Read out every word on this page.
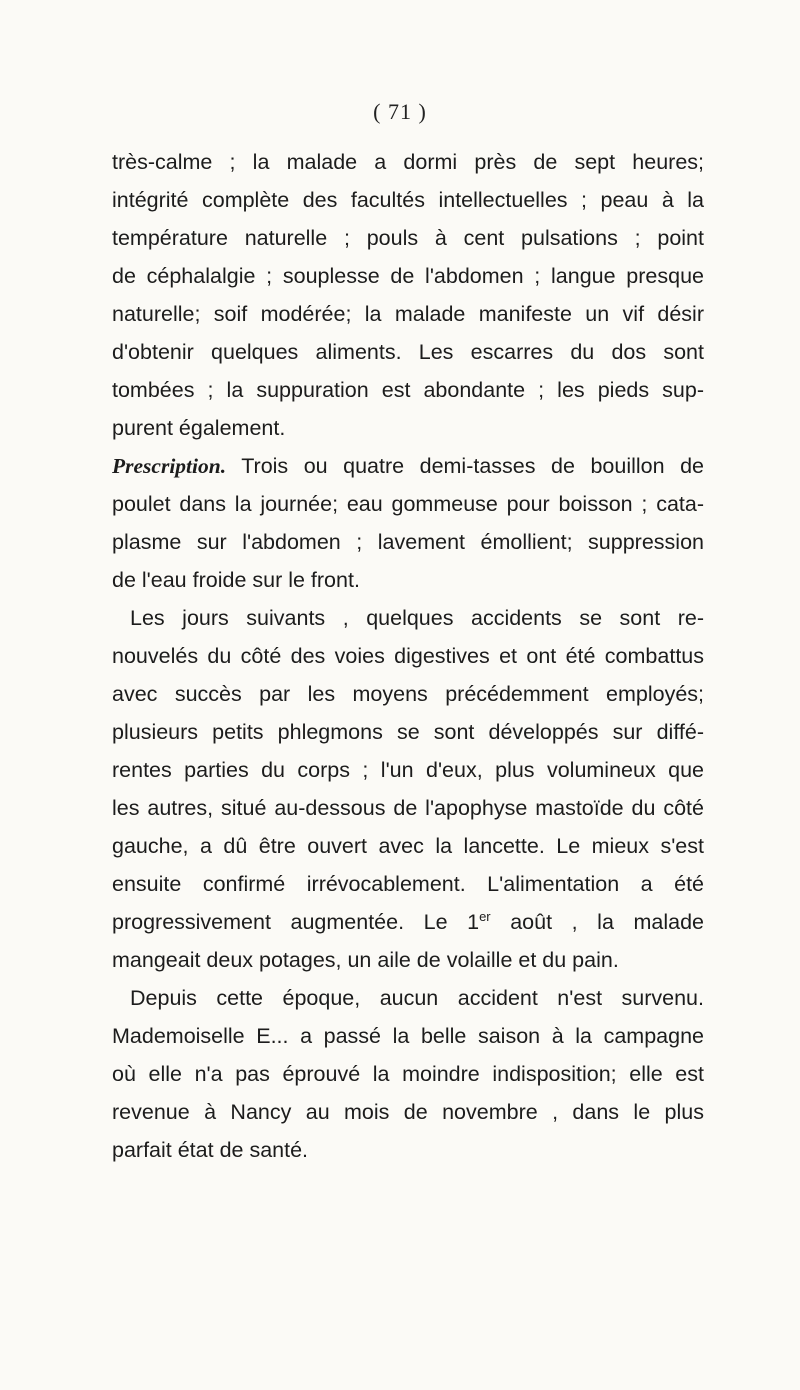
( 71 )
très-calme ; la malade a dormi près de sept heures;
intégrité complète des facultés intellectuelles ; peau à la
température naturelle ; pouls à cent pulsations ; point
de céphalalgie ; souplesse de l'abdomen ; langue presque
naturelle; soif modérée; la malade manifeste un vif désir
d'obtenir quelques aliments. Les escarres du dos sont
tombées ; la suppuration est abondante ; les pieds sup-
purent également.
Prescription. Trois ou quatre demi-tasses de bouillon de
poulet dans la journée; eau gommeuse pour boisson ; cata-
plasme sur l'abdomen ; lavement émollient; suppression
de l'eau froide sur le front.
Les jours suivants , quelques accidents se sont re-
nouvelés du côté des voies digestives et ont été combattus
avec succès par les moyens précédemment employés;
plusieurs petits phlegmons se sont développés sur diffé-
rentes parties du corps ; l'un d'eux, plus volumineux que
les autres, situé au-dessous de l'apophyse mastoïde du côté
gauche, a dû être ouvert avec la lancette. Le mieux s'est
ensuite confirmé irrévocablement. L'alimentation a été
progressivement augmentée. Le 1er août , la malade
mangeait deux potages, un aile de volaille et du pain.
Depuis cette époque, aucun accident n'est survenu.
Mademoiselle E... a passé la belle saison à la campagne
où elle n'a pas éprouvé la moindre indisposition; elle est
revenue à Nancy au mois de novembre , dans le plus
parfait état de santé.
